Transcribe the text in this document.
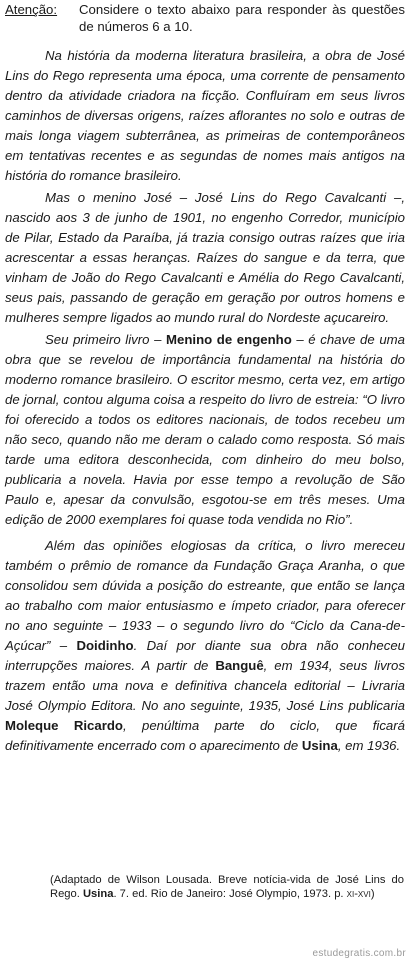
Atenção:	Considere o texto abaixo para responder às questões de números 6 a 10.

Na história da moderna literatura brasileira, a obra de José Lins do Rego representa uma época, uma corrente de pensamento dentro da atividade criadora na ficção. Confluíram em seus livros caminhos de diversas origens, raízes aflorantes no solo e outras de mais longa viagem subterrânea, as primeiras de contemporâneos em tentativas recentes e as segundas de nomes mais antigos na história do romance brasileiro.

Mas o menino José – José Lins do Rego Cavalcanti –, nascido aos 3 de junho de 1901, no engenho Corredor, município de Pilar, Estado da Paraíba, já trazia consigo outras raízes que iria acrescentar a essas heranças. Raízes do sangue e da terra, que vinham de João do Rego Cavalcanti e Amélia do Rego Cavalcanti, seus pais, passando de geração em geração por outros homens e mulheres sempre ligados ao mundo rural do Nordeste açucareiro.

Seu primeiro livro – Menino de engenho – é chave de uma obra que se revelou de importância fundamental na história do moderno romance brasileiro. O escritor mesmo, certa vez, em artigo de jornal, contou alguma coisa a respeito do livro de estreia: “O livro foi oferecido a todos os editores nacionais, de todos recebeu um não seco, quando não me deram o calado como resposta. Só mais tarde uma editora desconhecida, com dinheiro do meu bolso, publicaria a novela. Havia por esse tempo a revolução de São Paulo e, apesar da convulsão, esgotou-se em três meses. Uma edição de 2000 exemplares foi quase toda vendida no Rio”.

Além das opiniões elogiosas da crítica, o livro mereceu também o prêmio de romance da Fundação Graça Aranha, o que consolidou sem dúvida a posição do estreante, que então se lança ao trabalho com maior entusiasmo e ímpeto criador, para oferecer no ano seguinte – 1933 – o segundo livro do “Ciclo da Cana-de-Açúcar” – Doidinho. Daí por diante sua obra não conheceu interrupções maiores. A partir de Banguê, em 1934, seus livros trazem então uma nova e definitiva chancela editorial – Livraria José Olympio Editora. No ano seguinte, 1935, José Lins publicaria Moleque Ricardo, penúltima parte do ciclo, que ficará definitivamente encerrado com o aparecimento de Usina, em 1936.

(Adaptado de Wilson Lousada. Breve notícia-vida de José Lins do Rego. Usina. 7. ed. Rio de Janeiro: José Olympio, 1973. p. xi-xvi)
estudegratis.com.br
